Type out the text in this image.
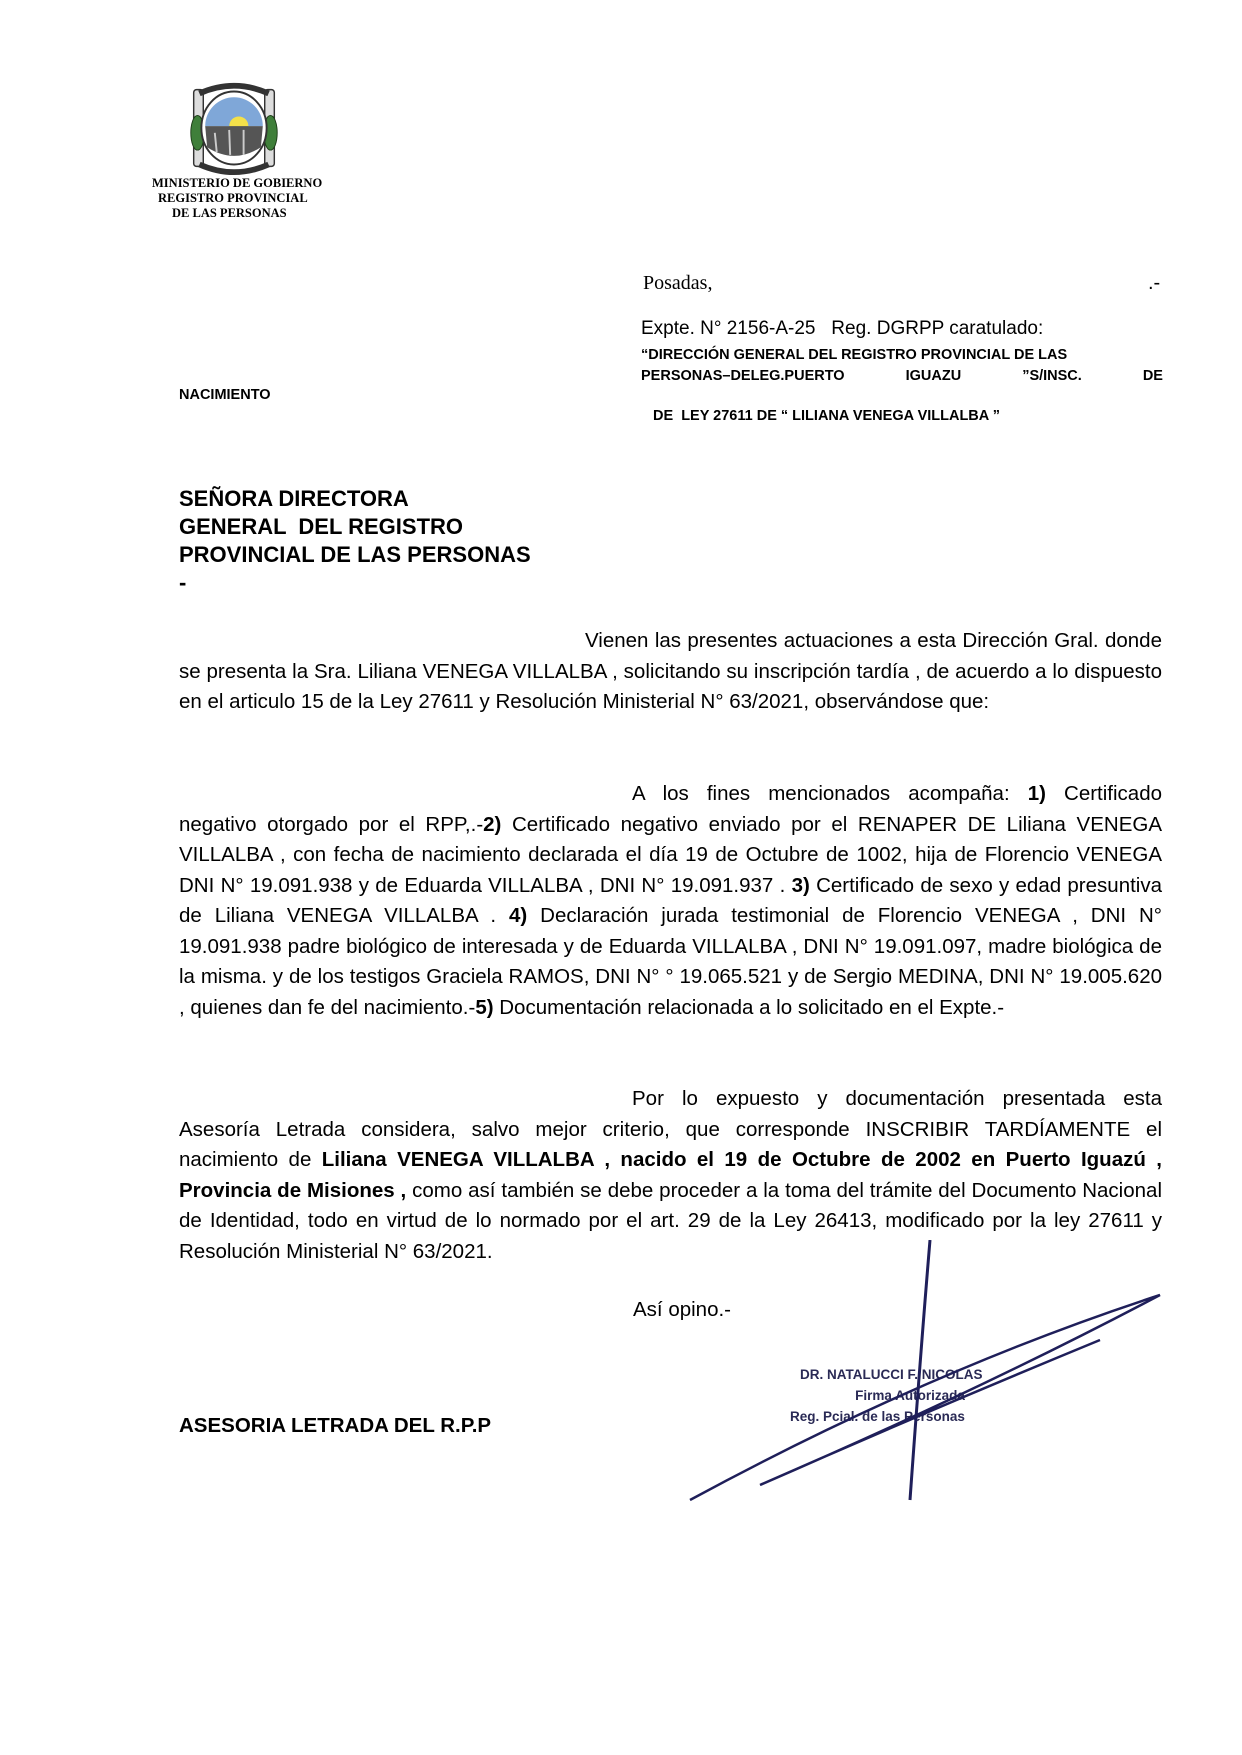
MINISTERIO DE GOBIERNO
REGISTRO PROVINCIAL
DE LAS PERSONAS
Posadas,	.-
Expte. N° 2156-A-25   Reg. DGRPP caratulado:
“DIRECCIÓN GENERAL DEL REGISTRO PROVINCIAL DE LAS
PERSONAS–DELEG.PUERTO	IGUAZU	”S/INSC.	DE
NACIMIENTO
DE  LEY 27611 DE “ LILIANA VENEGA VILLALBA ”
SEÑORA DIRECTORA
GENERAL  DEL REGISTRO
PROVINCIAL DE LAS PERSONAS
-
Vienen las presentes actuaciones a esta Dirección Gral. donde se presenta la Sra. Liliana VENEGA VILLALBA , solicitando su inscripción tardía , de acuerdo a lo dispuesto en el articulo 15 de la Ley 27611 y Resolución Ministerial N° 63/2021, observándose que:
A los fines mencionados acompaña: 1) Certificado negativo otorgado por el RPP,.-2) Certificado negativo enviado por el RENAPER DE Liliana VENEGA VILLALBA , con fecha de nacimiento declarada el día 19 de Octubre de 1002, hija de Florencio VENEGA DNI N° 19.091.938 y de Eduarda VILLALBA , DNI N° 19.091.937 . 3) Certificado de sexo y edad presuntiva de Liliana VENEGA VILLALBA . 4) Declaración jurada testimonial de Florencio VENEGA , DNI N° 19.091.938 padre biológico de interesada y de Eduarda VILLALBA , DNI N° 19.091.097, madre biológica de la misma. y de los testigos Graciela RAMOS, DNI N° ° 19.065.521 y de Sergio MEDINA, DNI N° 19.005.620 , quienes dan fe del nacimiento.-5) Documentación relacionada a lo solicitado en el Expte.-
Por lo expuesto y documentación presentada esta Asesoría Letrada considera, salvo mejor criterio, que corresponde INSCRIBIR TARDÍAMENTE el nacimiento de Liliana VENEGA VILLALBA , nacido el 19 de Octubre de 2002 en Puerto Iguazú , Provincia de Misiones , como así también se debe proceder a la toma del trámite del Documento Nacional de Identidad, todo en virtud de lo normado por el art. 29 de la Ley 26413, modificado por la ley 27611 y Resolución Ministerial N° 63/2021.
Así opino.-
ASESORIA LETRADA DEL R.P.P
DR. NATALUCCI F. NICOLAS
Firma Autorizada
Reg. Pcial. de las Personas
